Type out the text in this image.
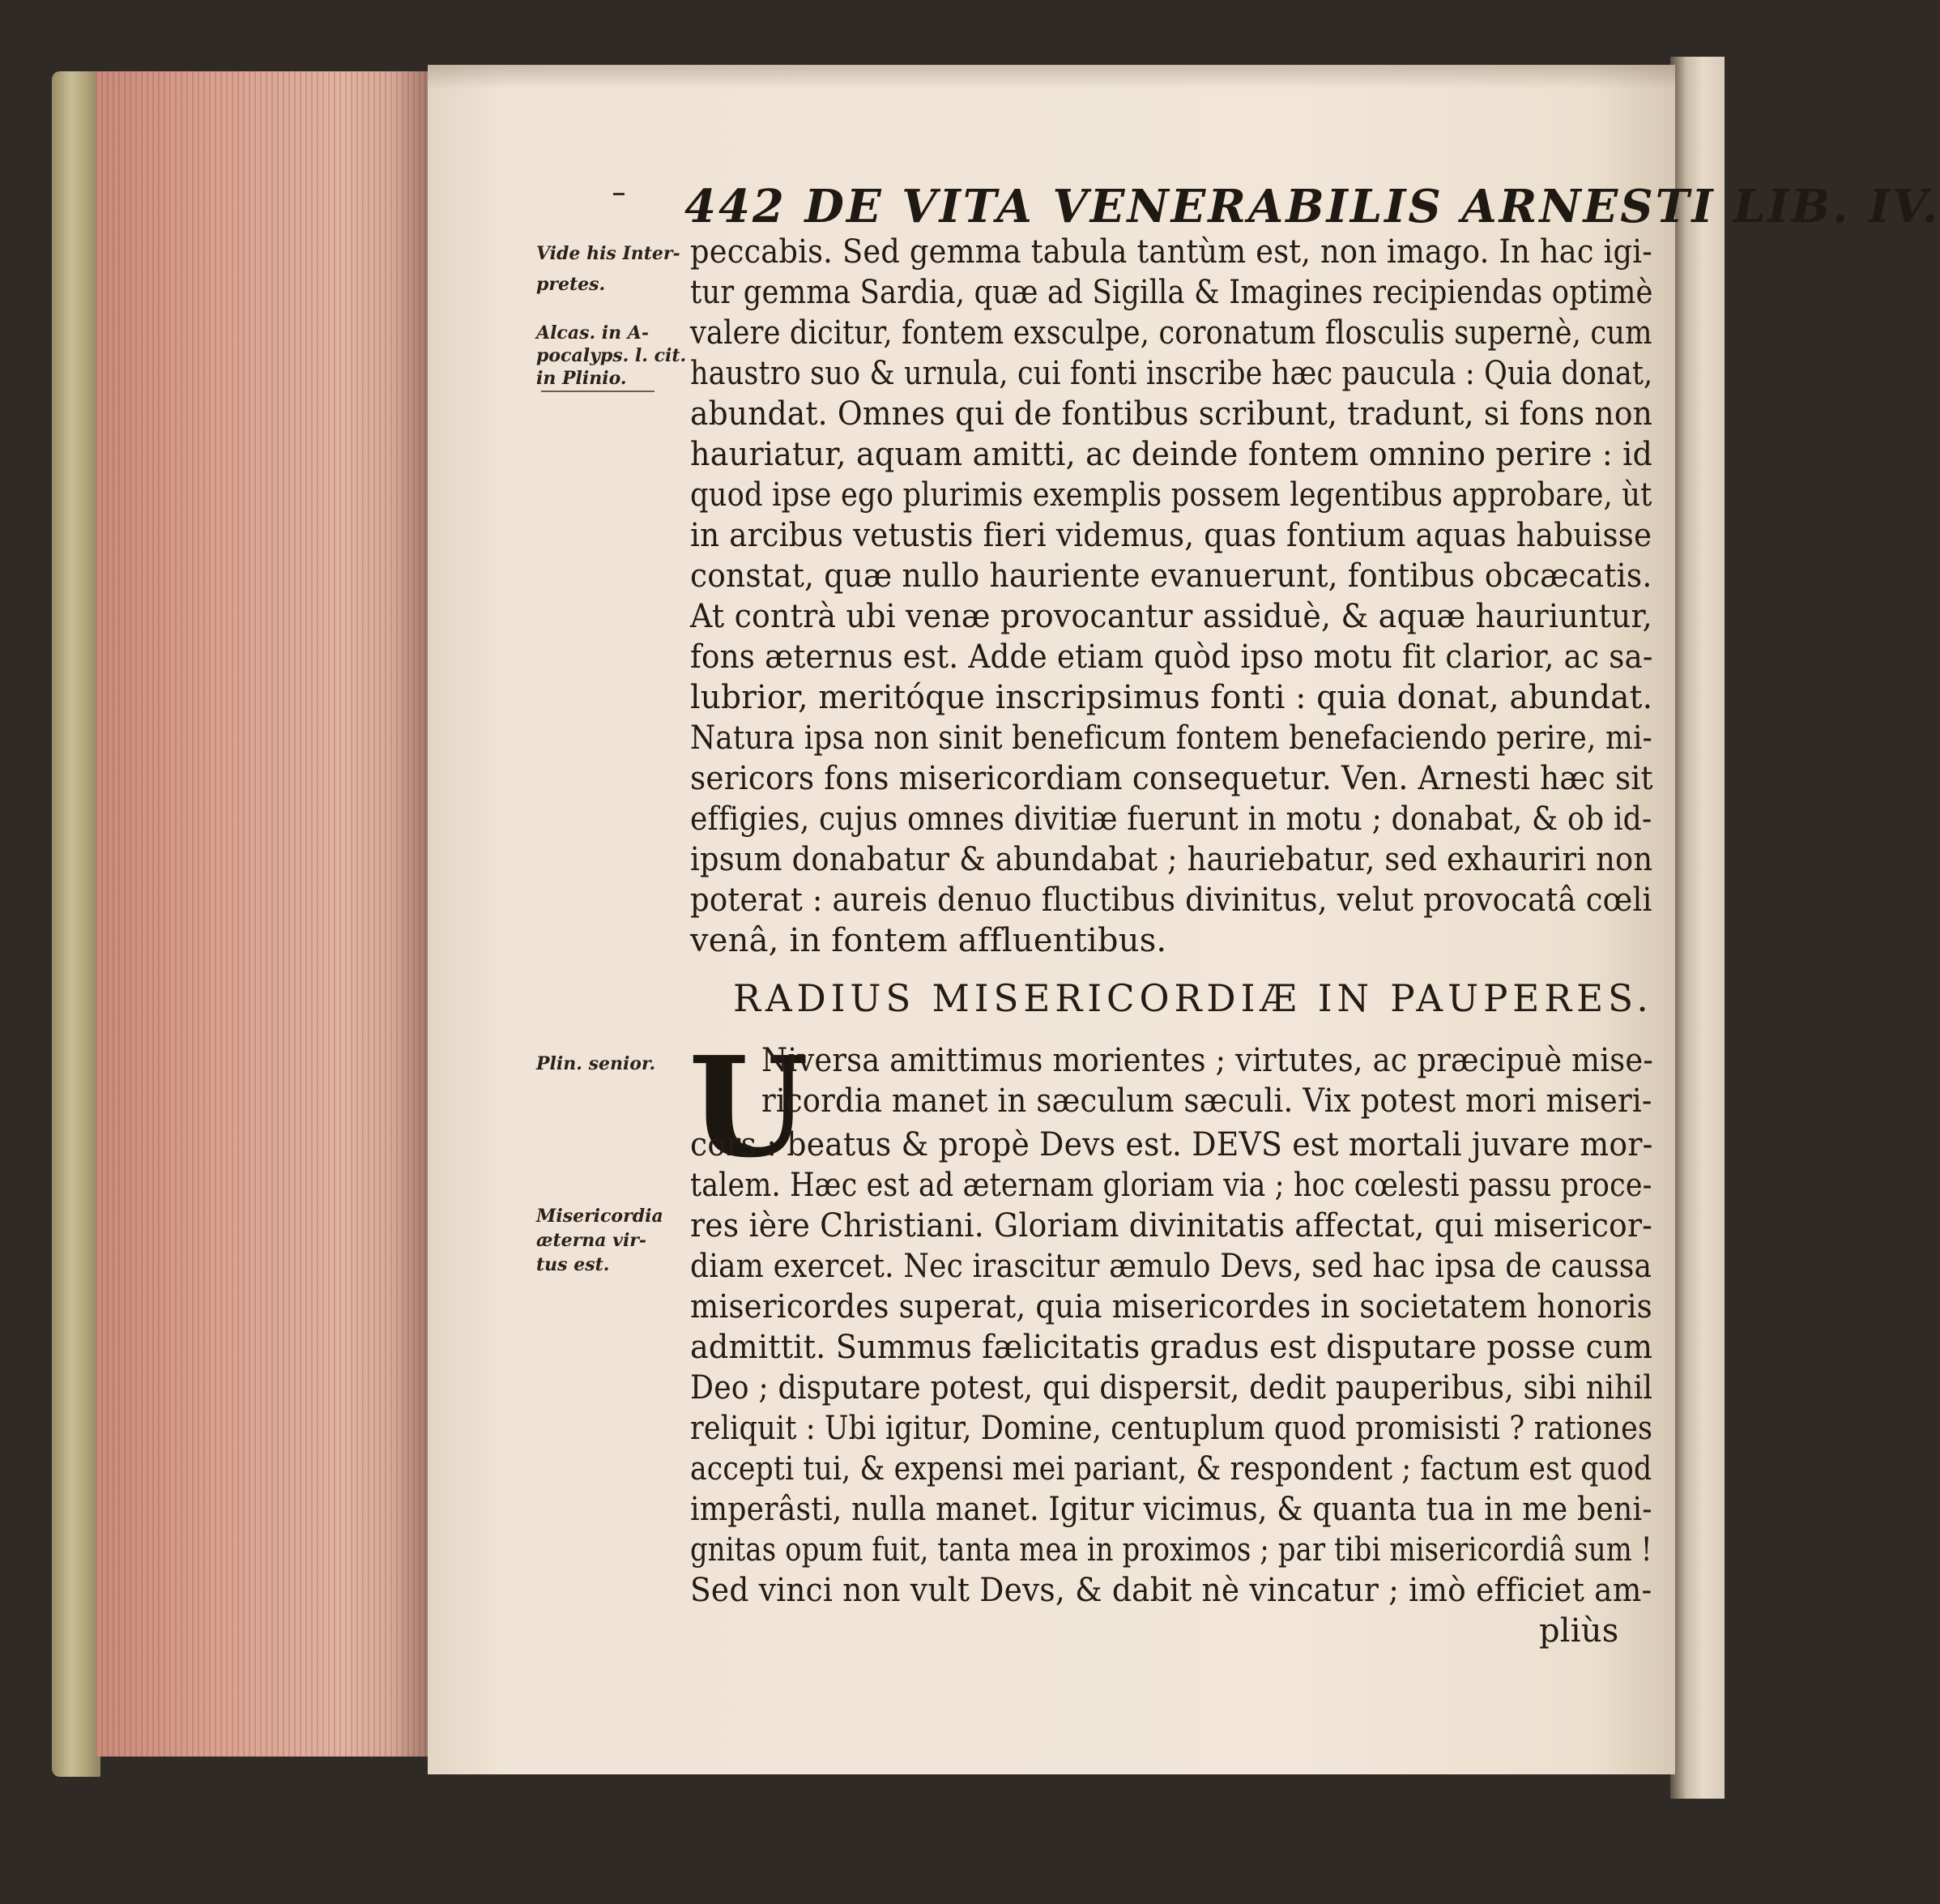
442 DE VITA VENERABILIS ARNESTI LIB. IV.
Vide his Inter-
pretes.
Alcas. in A-
pocalyps. l. cit.
in Plinio.
Plin. senior.
Misericordia
æterna vir-
tus est.
peccabis. Sed gemma tabula tantùm est, non imago. In hac igi-
tur gemma Sardia, quæ ad Sigilla & Imagines recipiendas optimè
valere dicitur, fontem exsculpe, coronatum flosculis supernè, cum
haustro suo & urnula, cui fonti inscribe hæc paucula : Quia donat,
abundat. Omnes qui de fontibus scribunt, tradunt, si fons non
hauriatur, aquam amitti, ac deinde fontem omnino perire : id
quod ipse ego plurimis exemplis possem legentibus approbare, ùt
in arcibus vetustis fieri videmus, quas fontium aquas habuisse
constat, quæ nullo hauriente evanuerunt, fontibus obcæcatis.
At contrà ubi venæ provocantur assiduè, & aquæ hauriuntur,
fons æternus est. Adde etiam quòd ipso motu fit clarior, ac sa-
lubrior, meritóque inscripsimus fonti : quia donat, abundat.
Natura ipsa non sinit beneficum fontem benefaciendo perire, mi-
sericors fons misericordiam consequetur. Ven. Arnesti hæc sit
effigies, cujus omnes divitiæ fuerunt in motu ; donabat, & ob id-
ipsum donabatur & abundabat ; hauriebatur, sed exhauriri non
poterat : aureis denuo fluctibus divinitus, velut provocatâ cœli
venâ, in fontem affluentibus.
RADIUS MISERICORDIÆ IN PAUPERES.
U
Niversa amittimus morientes ; virtutes, ac præcipuè mise-
ricordia manet in sæculum sæculi. Vix potest mori miseri-
cors : beatus & propè Devs est. DEVS est mortali juvare mor-
talem. Hæc est ad æternam gloriam via ; hoc cœlesti passu proce-
res ière Christiani. Gloriam divinitatis affectat, qui misericor-
diam exercet. Nec irascitur æmulo Devs, sed hac ipsa de caussa
misericordes superat, quia misericordes in societatem honoris
admittit. Summus fælicitatis gradus est disputare posse cum
Deo ; disputare potest, qui dispersit, dedit pauperibus, sibi nihil
reliquit : Ubi igitur, Domine, centuplum quod promisisti ? rationes
accepti tui, & expensi mei pariant, & respondent ; factum est quod
imperâsti, nulla manet. Igitur vicimus, & quanta tua in me beni-
gnitas opum fuit, tanta mea in proximos ; par tibi misericordiâ sum !
Sed vinci non vult Devs, & dabit nè vincatur ; imò efficiet am-
pliùs
